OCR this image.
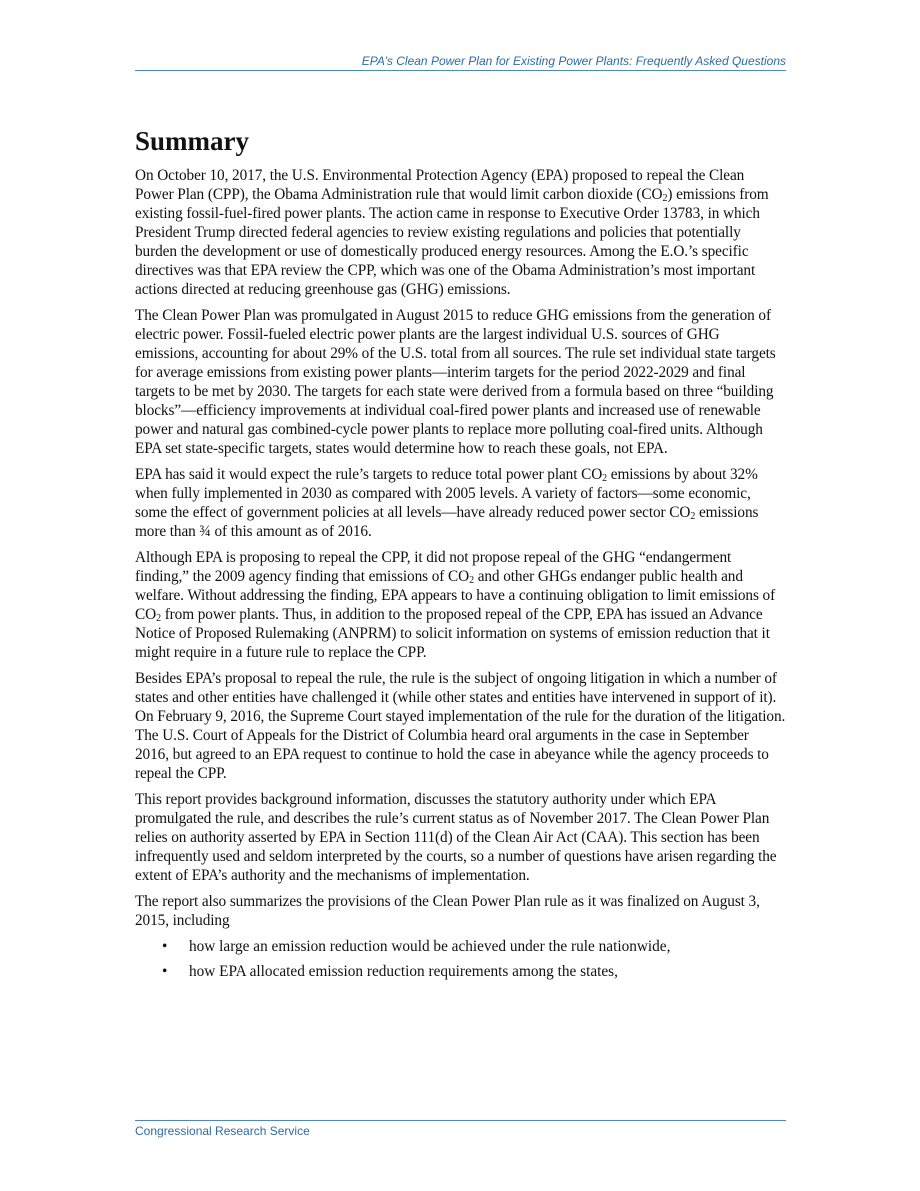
EPA’s Clean Power Plan for Existing Power Plants: Frequently Asked Questions
Summary

On October 10, 2017, the U.S. Environmental Protection Agency (EPA) proposed to repeal the Clean Power Plan (CPP), the Obama Administration rule that would limit carbon dioxide $(CO_2)$ emissions from existing fossil-fuel-fired power plants. The action came in response to Executive Order 13783, in which President Trump directed federal agencies to review existing regulations and policies that potentially burden the development or use of domestically produced energy resources. Among the E.O.’s specific directives was that EPA review the CPP, which was one of the Obama Administration’s most important actions directed at reducing greenhouse gas (GHG) emissions.

The Clean Power Plan was promulgated in August 2015 to reduce GHG emissions from the generation of electric power. Fossil-fueled electric power plants are the largest individual U.S. sources of GHG emissions, accounting for about 29% of the U.S. total from all sources. The rule set individual state targets for average emissions from existing power plants—interim targets for the period 2022-2029 and final targets to be met by 2030. The targets for each state were derived from a formula based on three “building blocks”—efficiency improvements at individual coal-fired power plants and increased use of renewable power and natural gas combined-cycle power plants to replace more polluting coal-fired units. Although EPA set state-specific targets, states would determine how to reach these goals, not EPA.

EPA has said it would expect the rule’s targets to reduce total power plant $CO_2$ emissions by about 32% when fully implemented in 2030 as compared with 2005 levels. A variety of factors—some economic, some the effect of government policies at all levels—have already reduced power sector $CO_2$ emissions more than ¾ of this amount as of 2016.

Although EPA is proposing to repeal the CPP, it did not propose repeal of the GHG “endangerment finding,” the 2009 agency finding that emissions of $CO_2$ and other GHGs endanger public health and welfare. Without addressing the finding, EPA appears to have a continuing obligation to limit emissions of $CO_2$ from power plants. Thus, in addition to the proposed repeal of the CPP, EPA has issued an Advance Notice of Proposed Rulemaking (ANPRM) to solicit information on systems of emission reduction that it might require in a future rule to replace the CPP.

Besides EPA’s proposal to repeal the rule, the rule is the subject of ongoing litigation in which a number of states and other entities have challenged it (while other states and entities have intervened in support of it). On February 9, 2016, the Supreme Court stayed implementation of the rule for the duration of the litigation. The U.S. Court of Appeals for the District of Columbia heard oral arguments in the case in September 2016, but agreed to an EPA request to continue to hold the case in abeyance while the agency proceeds to repeal the CPP.

This report provides background information, discusses the statutory authority under which EPA promulgated the rule, and describes the rule’s current status as of November 2017. The Clean Power Plan relies on authority asserted by EPA in Section 111(d) of the Clean Air Act (CAA). This section has been infrequently used and seldom interpreted by the courts, so a number of questions have arisen regarding the extent of EPA’s authority and the mechanisms of implementation.

The report also summarizes the provisions of the Clean Power Plan rule as it was finalized on August 3, 2015, including

• how large an emission reduction would be achieved under the rule nationwide,
• how EPA allocated emission reduction requirements among the states,
Congressional Research Service
